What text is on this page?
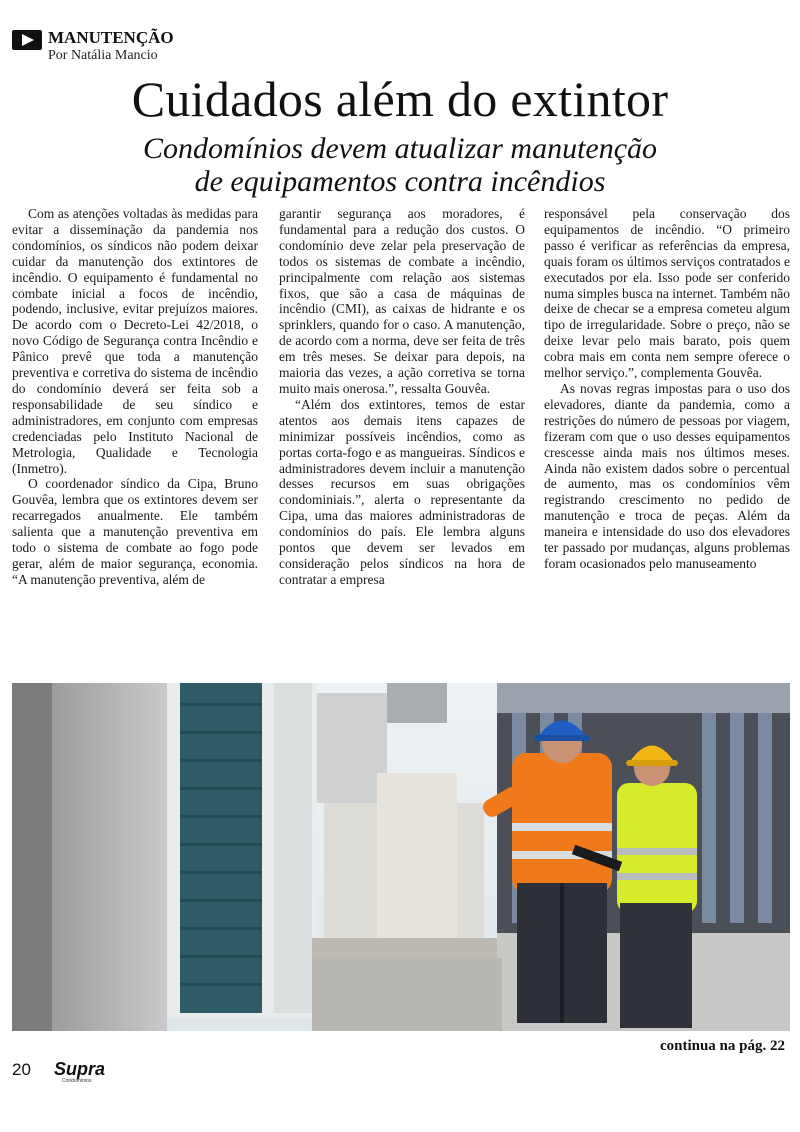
MANUTENÇÃO
Por Natália Mancio
Cuidados além do extintor
Condomínios devem atualizar manutenção
de equipamentos contra incêndios

Com as atenções voltadas às medidas para evitar a disseminação da pandemia nos condomínios, os síndicos não podem deixar cuidar da manutenção dos extintores de incêndio. O equipamento é fundamental no combate inicial a focos de incêndio, podendo, inclusive, evitar prejuízos maiores. De acordo com o Decreto-Lei 42/2018, o novo Código de Segurança contra Incêndio e Pânico prevê que toda a manutenção preventiva e corretiva do sistema de incêndio do condomínio deverá ser feita sob a responsabilidade de seu síndico e administradores, em conjunto com empresas credenciadas pelo Instituto Nacional de Metrologia, Qualidade e Tecnologia (Inmetro).

O coordenador síndico da Cipa, Bruno Gouvêa, lembra que os extintores devem ser recarregados anualmente. Ele também salienta que a manutenção preventiva em todo o sistema de combate ao fogo pode gerar, além de maior segurança, economia. “A manutenção preventiva, além de

garantir segurança aos moradores, é fundamental para a redução dos custos. O condomínio deve zelar pela preservação de todos os sistemas de combate a incêndio, principalmente com relação aos sistemas fixos, que são a casa de máquinas de incêndio (CMI), as caixas de hidrante e os sprinklers, quando for o caso. A manutenção, de acordo com a norma, deve ser feita de três em três meses. Se deixar para depois, na maioria das vezes, a ação corretiva se torna muito mais onerosa.”, ressalta Gouvêa.

“Além dos extintores, temos de estar atentos aos demais itens capazes de minimizar possíveis incêndios, como as portas corta-fogo e as mangueiras. Síndicos e administradores devem incluir a manutenção desses recursos em suas obrigações condominiais.”, alerta o representante da Cipa, uma das maiores administradoras de condomínios do país. Ele lembra alguns pontos que devem ser levados em consideração pelos síndicos na hora de contratar a empresa

responsável pela conservação dos equipamentos de incêndio. “O primeiro passo é verificar as referências da empresa, quais foram os últimos serviços contratados e executados por ela. Isso pode ser conferido numa simples busca na internet. Também não deixe de checar se a empresa cometeu algum tipo de irregularidade. Sobre o preço, não se deixe levar pelo mais barato, pois quem cobra mais em conta nem sempre oferece o melhor serviço.”, complementa Gouvêa.

As novas regras impostas para o uso dos elevadores, diante da pandemia, como a restrições do número de pessoas por viagem, fizeram com que o uso desses equipamentos crescesse ainda mais nos últimos meses. Ainda não existem dados sobre o percentual de aumento, mas os condomínios vêm registrando crescimento no pedido de manutenção e troca de peças. Além da maneira e intensidade do uso dos elevadores ter passado por mudanças, alguns problemas foram ocasionados pelo manuseamento

continua na pág. 22
20 Supra
Condomínios
